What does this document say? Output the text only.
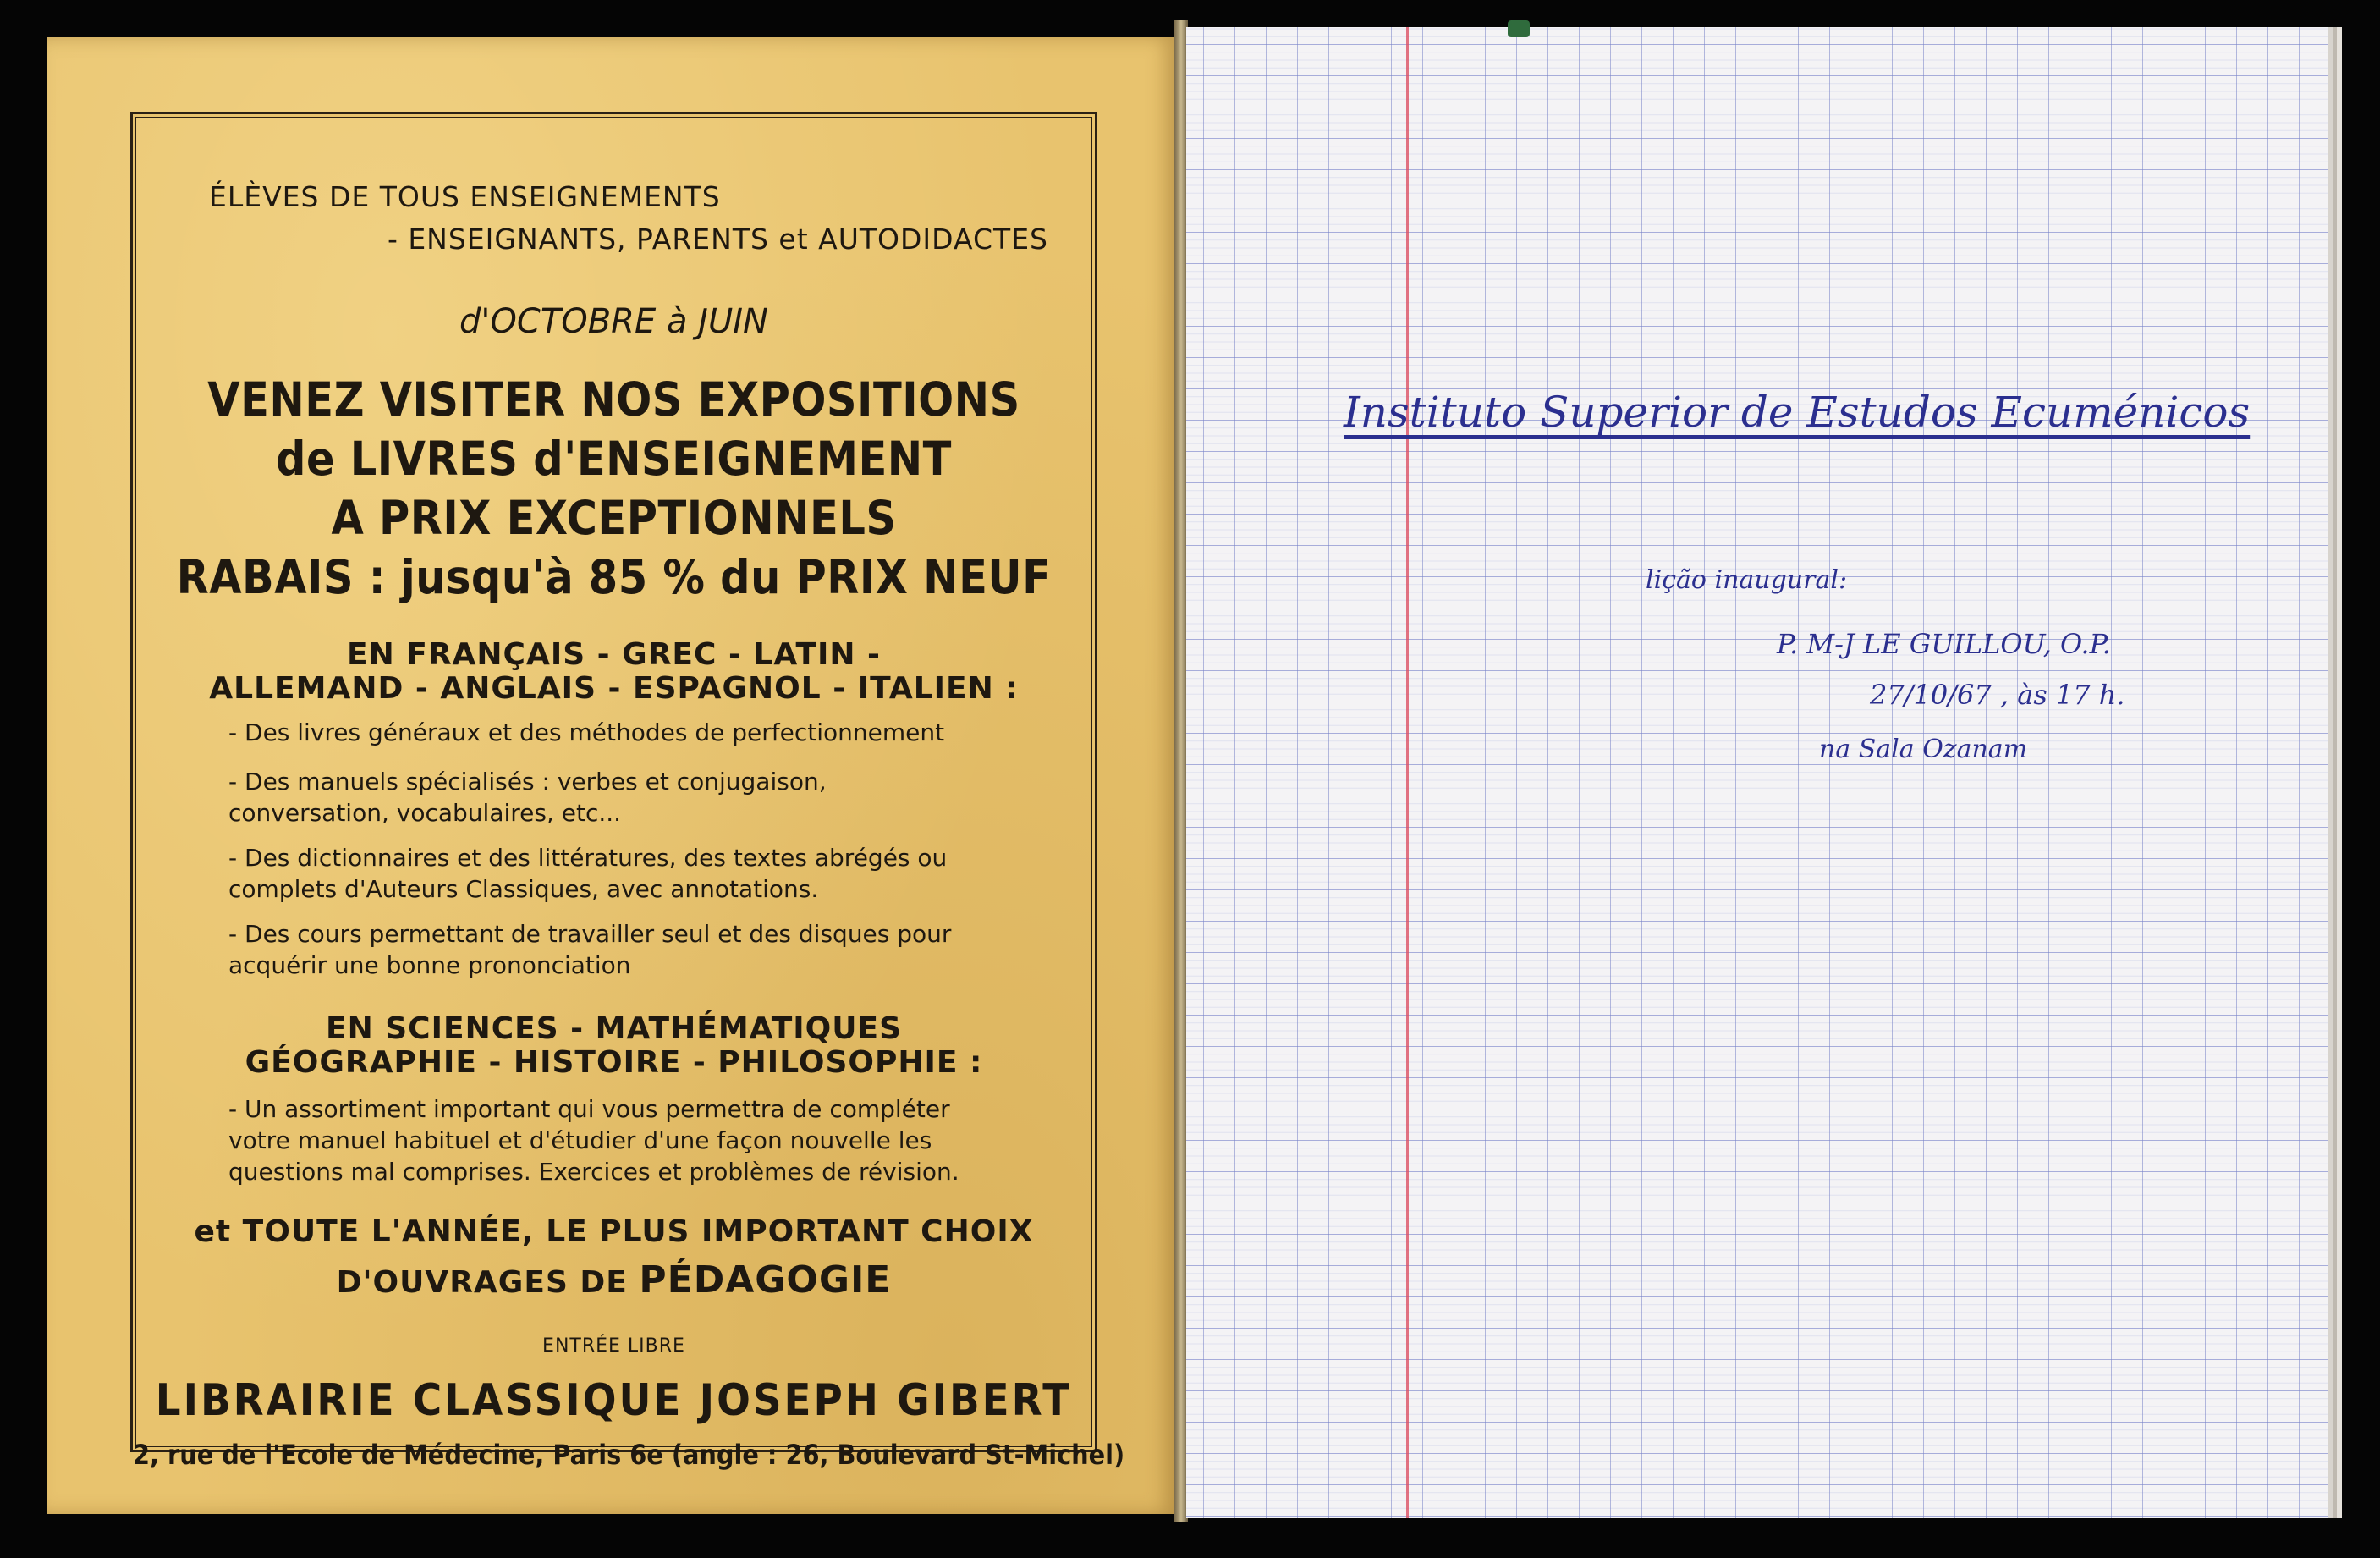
ÉLÈVES DE TOUS ENSEIGNEMENTS
- ENSEIGNANTS, PARENTS et AUTODIDACTES
d'OCTOBRE à JUIN
VENEZ VISITER NOS EXPOSITIONS
de LIVRES d'ENSEIGNEMENT
A PRIX EXCEPTIONNELS
RABAIS : jusqu'à 85 % du PRIX NEUF
EN FRANÇAIS - GREC - LATIN -
ALLEMAND - ANGLAIS - ESPAGNOL - ITALIEN :
- Des livres généraux et des méthodes de perfectionnement
- Des manuels spécialisés : verbes et conjugaison, conversation, vocabulaires, etc...
- Des dictionnaires et des littératures, des textes abrégés ou complets d'Auteurs Classiques, avec annotations.
- Des cours permettant de travailler seul et des disques pour acquérir une bonne prononciation
EN SCIENCES - MATHÉMATIQUES
GÉOGRAPHIE - HISTOIRE - PHILOSOPHIE :
- Un assortiment important qui vous permettra de compléter votre manuel habituel et d'étudier d'une façon nouvelle les questions mal comprises. Exercices et problèmes de révision.
et TOUTE L'ANNÉE, LE PLUS IMPORTANT CHOIX
D'OUVRAGES DE PÉDAGOGIE
ENTRÉE LIBRE
LIBRAIRIE CLASSIQUE JOSEPH GIBERT
2, rue de l'Ecole de Médecine, Paris 6e (angle : 26, Boulevard St-Michel)
Instituto Superior de Estudos Ecuménicos
lição inaugural:
P. M-J LE GUILLOU, O.P.
27/10/67 , às 17 h.
na Sala Ozanam
